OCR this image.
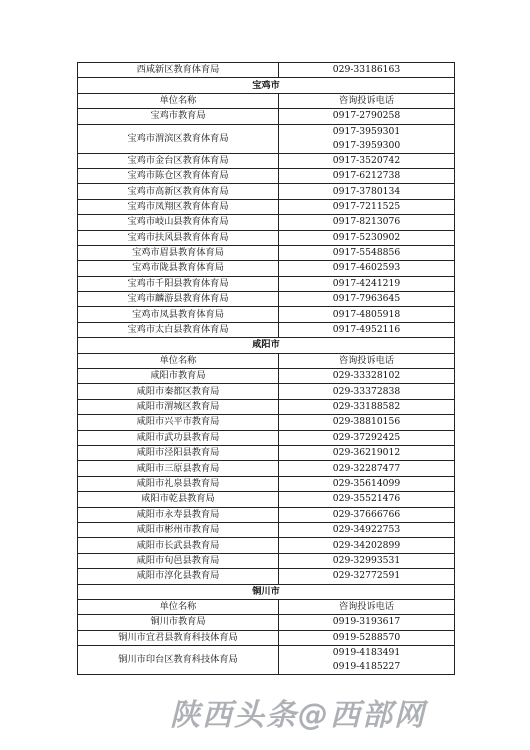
西咸新区教育体育局	029-33186163

宝鸡市	
单位名称	咨询投诉电话
宝鸡市教育局	0917-2790258

宝鸡市渭滨区教育体育局	0917-3959301
0917-3959300

宝鸡市金台区教育体育局	0917-3520742

宝鸡市陈仓区教育体育局	0917-6212738

宝鸡市高新区教育体育局	0917-3780134

宝鸡市凤翔区教育体育局	0917-7211525

宝鸡市岐山县教育体育局	0917-8213076

宝鸡市扶风县教育体育局	0917-5230902

宝鸡市眉县教育体育局	0917-5548856

宝鸡市陇县教育体育局	0917-4602593

宝鸡市千阳县教育体育局	0917-4241219

宝鸡市麟游县教育体育局	0917-7963645

宝鸡市凤县教育体育局	0917-4805918

宝鸡市太白县教育体育局	0917-4952116

咸阳市	
单位名称	咨询投诉电话
咸阳市教育局	029-33328102

咸阳市秦都区教育局	029-33372838

咸阳市渭城区教育局	029-33188582

咸阳市兴平市教育局	029-38810156

咸阳市武功县教育局	029-37292425

咸阳市泾阳县教育局	029-36219012

咸阳市三原县教育局	029-32287477

咸阳市礼泉县教育局	029-35614099

咸阳市乾县教育局	029-35521476

咸阳市永寿县教育局	029-37666766

咸阳市彬州市教育局	029-34922753

咸阳市长武县教育局	029-34202899

咸阳市旬邑县教育局	029-32993531

咸阳市淳化县教育局	029-32772591

铜川市	
单位名称	咨询投诉电话
铜川市教育局	0919-3193617

铜川市宜君县教育科技体育局	0919-5288570

铜川市印台区教育科技体育局	0919-4183491
0919-4185227
陕西头条@西部网
